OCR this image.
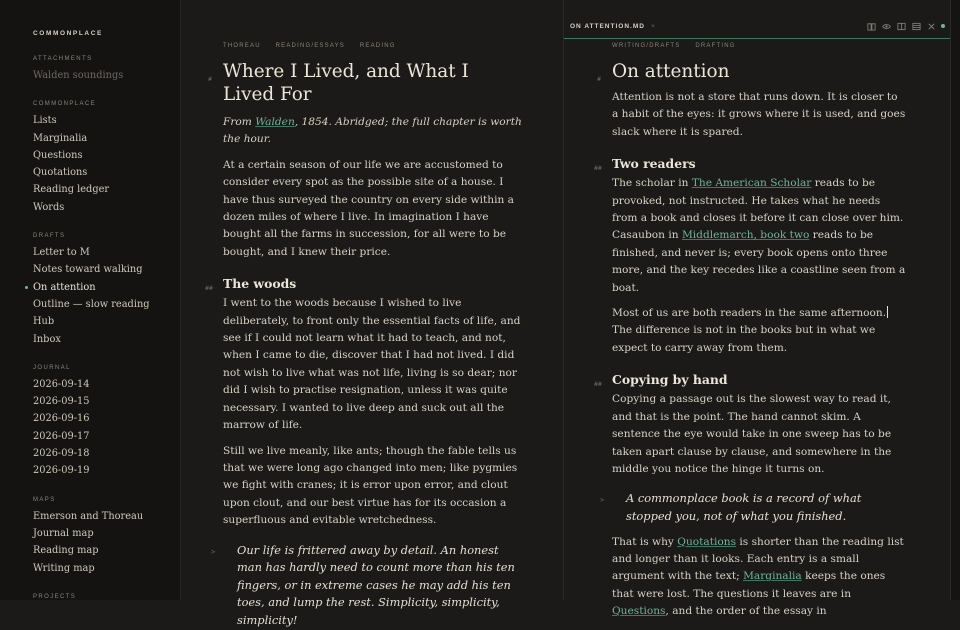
COMMONPLACE
ATTACHMENTS
Walden soundings
COMMONPLACE
Lists
Marginalia
Questions
Quotations
Reading ledger
Words
DRAFTS
Letter to M
Notes toward walking
On attention
Outline — slow reading
Hub
Inbox
JOURNAL
2026-09-14
2026-09-15
2026-09-16
2026-09-17
2026-09-18
2026-09-19
MAPS
Emerson and Thoreau
Journal map
Reading map
Writing map
PROJECTS
THOREAU READING/ESSAYS READING
# Where I Lived, and What I Lived For

From Walden, 1854. Abridged; the full chapter is worth the hour.

At a certain season of our life we are accustomed to consider every spot as the possible site of a house. I have thus surveyed the country on every side within a dozen miles of where I live. In imagination I have bought all the farms in succession, for all were to be bought, and I knew their price.

## The woods

I went to the woods because I wished to live deliberately, to front only the essential facts of life, and see if I could not learn what it had to teach, and not, when I came to die, discover that I had not lived. I did not wish to live what was not life, living is so dear; nor did I wish to practise resignation, unless it was quite necessary. I wanted to live deep and suck out all the marrow of life.

Still we live meanly, like ants; though the fable tells us that we were long ago changed into men; like pygmies we fight with cranes; it is error upon error, and clout upon clout, and our best virtue has for its occasion a superfluous and evitable wretchedness.

> Our life is frittered away by detail. An honest man has hardly need to count more than his ten fingers, or in extreme cases he may add his ten toes, and lump the rest. Simplicity, simplicity, simplicity!
ON ATTENTION.MD ×
WRITING/DRAFTS DRAFTING
# On attention

Attention is not a store that runs down. It is closer to a habit of the eyes: it grows where it is used, and goes slack where it is spared.

## Two readers

The scholar in The American Scholar reads to be provoked, not instructed. He takes what he needs from a book and closes it before it can close over him. Casaubon in Middlemarch, book two reads to be finished, and never is; every book opens onto three more, and the key recedes like a coastline seen from a boat.

Most of us are both readers in the same afternoon.The difference is not in the books but in what we expect to carry away from them.

## Copying by hand

Copying a passage out is the slowest way to read it, and that is the point. The hand cannot skim. A sentence the eye would take in one sweep has to be taken apart clause by clause, and somewhere in the middle you notice the hinge it turns on.

> A commonplace book is a record of what stopped you, not of what you finished.

That is why Quotations is shorter than the reading list and longer than it looks. Each entry is a small argument with the text; Marginalia keeps the ones that were lost. The questions it leaves are in Questions, and the order of the essay in
